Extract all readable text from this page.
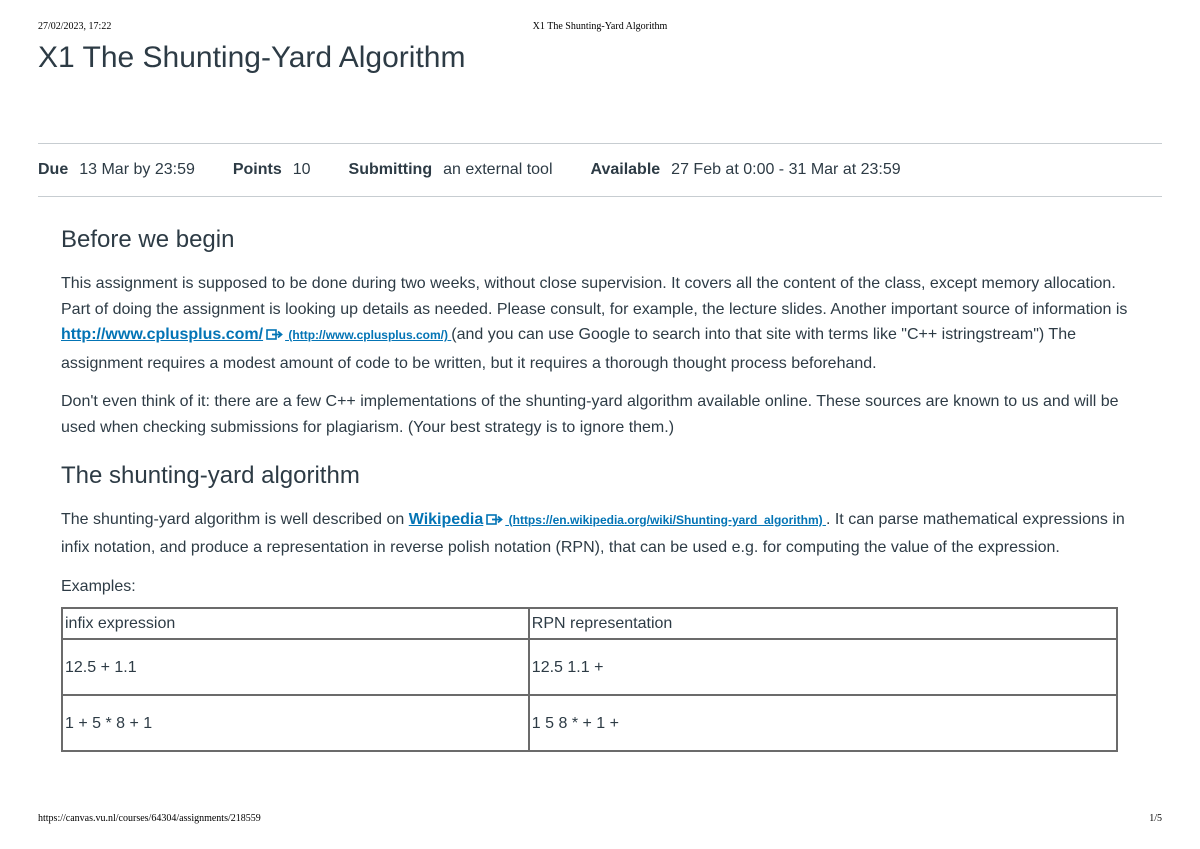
27/02/2023, 17:22	X1 The Shunting-Yard Algorithm
X1 The Shunting-Yard Algorithm
Due 13 Mar by 23:59 Points 10 Submitting an external tool Available 27 Feb at 0:00 - 31 Mar at 23:59
Before we begin

This assignment is supposed to be done during two weeks, without close supervision. It covers all the content of the class, except memory allocation. Part of doing the assignment is looking up details as needed. Please consult, for example, the lecture slides. Another important source of information is http://www.cplusplus.com/ (http://www.cplusplus.com/) (and you can use Google to search into that site with terms like "C++ istringstream") The assignment requires a modest amount of code to be written, but it requires a thorough thought process beforehand.

Don't even think of it: there are a few C++ implementations of the shunting-yard algorithm available online. These sources are known to us and will be used when checking submissions for plagiarism. (Your best strategy is to ignore them.)

The shunting-yard algorithm

The shunting-yard algorithm is well described on Wikipedia (https://en.wikipedia.org/wiki/Shunting-yard_algorithm) . It can parse mathematical expressions in infix notation, and produce a representation in reverse polish notation (RPN), that can be used e.g. for computing the value of the expression.

Examples:

infix expression	RPN representation
12.5 + 1.1	12.5 1.1 +
1 + 5 * 8 + 1	1 5 8 * + 1 +
https://canvas.vu.nl/courses/64304/assignments/218559	1/5
